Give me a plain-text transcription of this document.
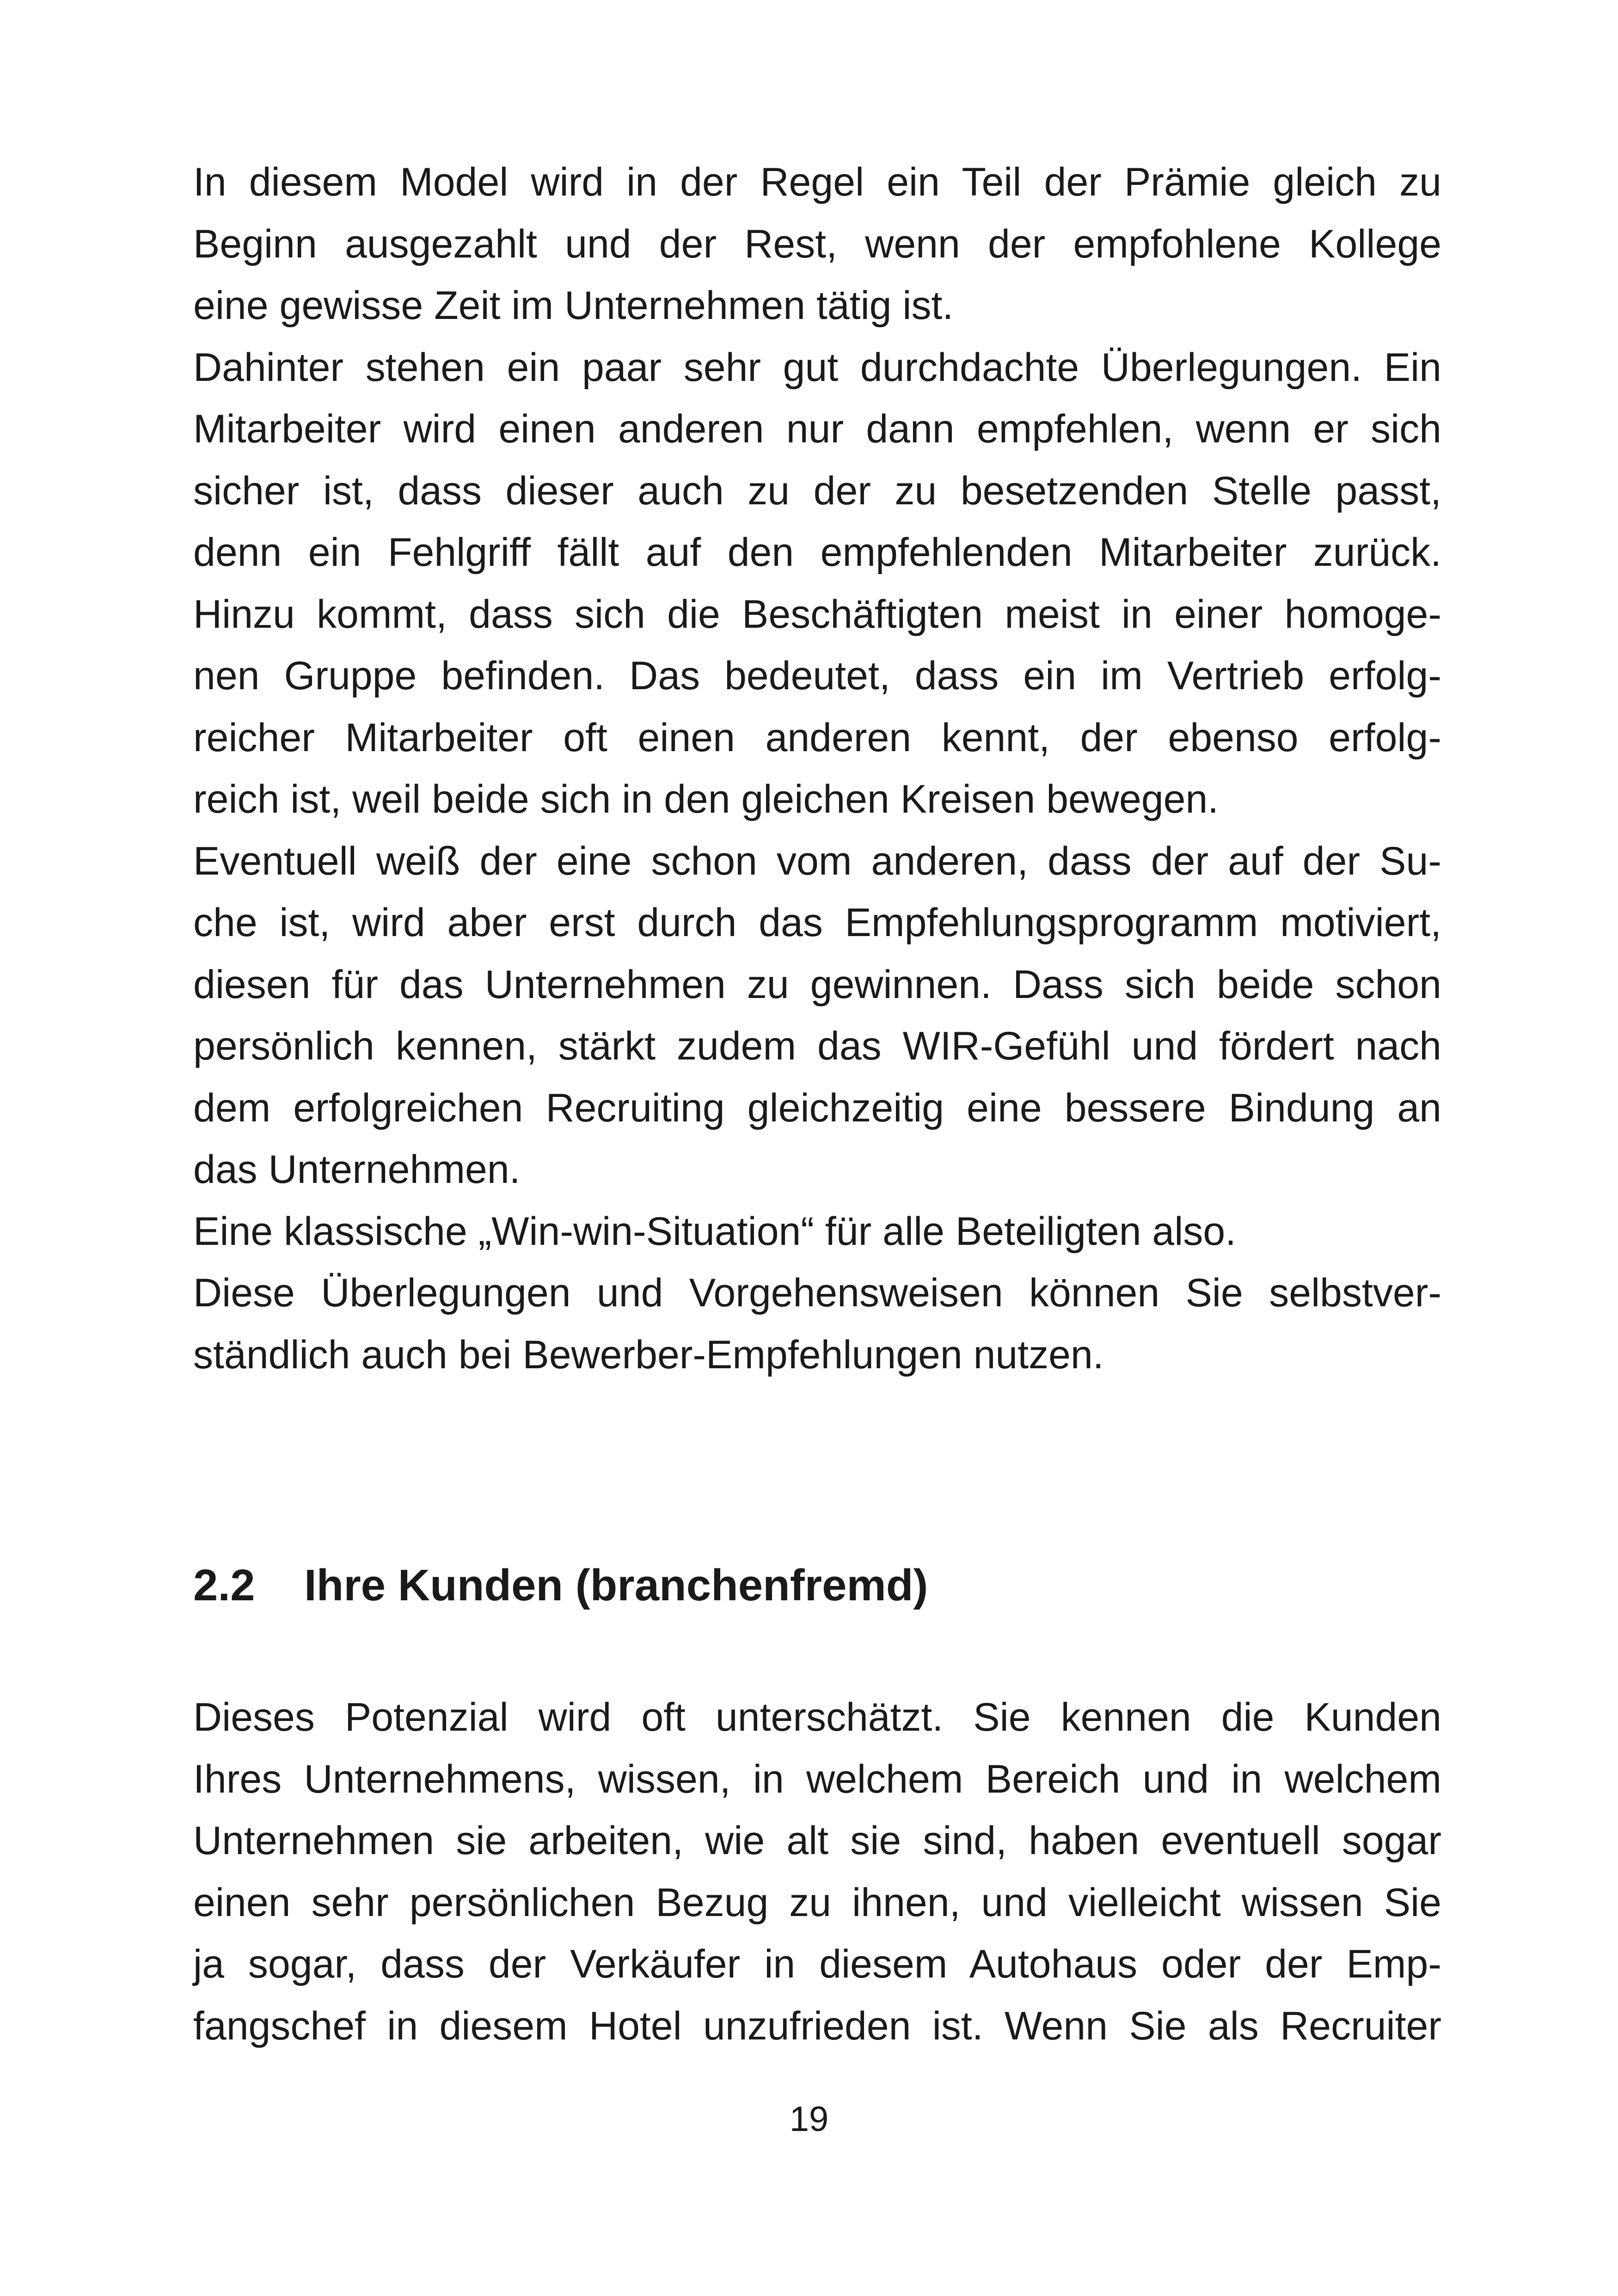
In diesem Model wird in der Regel ein Teil der Prämie gleich zu
Beginn ausgezahlt und der Rest, wenn der empfohlene Kollege
eine gewisse Zeit im Unternehmen tätig ist.
Dahinter stehen ein paar sehr gut durchdachte Überlegungen. Ein
Mitarbeiter wird einen anderen nur dann empfehlen, wenn er sich
sicher ist, dass dieser auch zu der zu besetzenden Stelle passt,
denn ein Fehlgriff fällt auf den empfehlenden Mitarbeiter zurück.
Hinzu kommt, dass sich die Beschäftigten meist in einer homoge-
nen Gruppe befinden. Das bedeutet, dass ein im Vertrieb erfolg-
reicher Mitarbeiter oft einen anderen kennt, der ebenso erfolg-
reich ist, weil beide sich in den gleichen Kreisen bewegen.
Eventuell weiß der eine schon vom anderen, dass der auf der Su-
che ist, wird aber erst durch das Empfehlungsprogramm motiviert,
diesen für das Unternehmen zu gewinnen. Dass sich beide schon
persönlich kennen, stärkt zudem das WIR-Gefühl und fördert nach
dem erfolgreichen Recruiting gleichzeitig eine bessere Bindung an
das Unternehmen.
Eine klassische „Win-win-Situation“ für alle Beteiligten also.
Diese Überlegungen und Vorgehensweisen können Sie selbstver-
ständlich auch bei Bewerber-Empfehlungen nutzen.
2.2 Ihre Kunden (branchenfremd)
Dieses Potenzial wird oft unterschätzt. Sie kennen die Kunden
Ihres Unternehmens, wissen, in welchem Bereich und in welchem
Unternehmen sie arbeiten, wie alt sie sind, haben eventuell sogar
einen sehr persönlichen Bezug zu ihnen, und vielleicht wissen Sie
ja sogar, dass der Verkäufer in diesem Autohaus oder der Emp-
fangschef in diesem Hotel unzufrieden ist. Wenn Sie als Recruiter
19
